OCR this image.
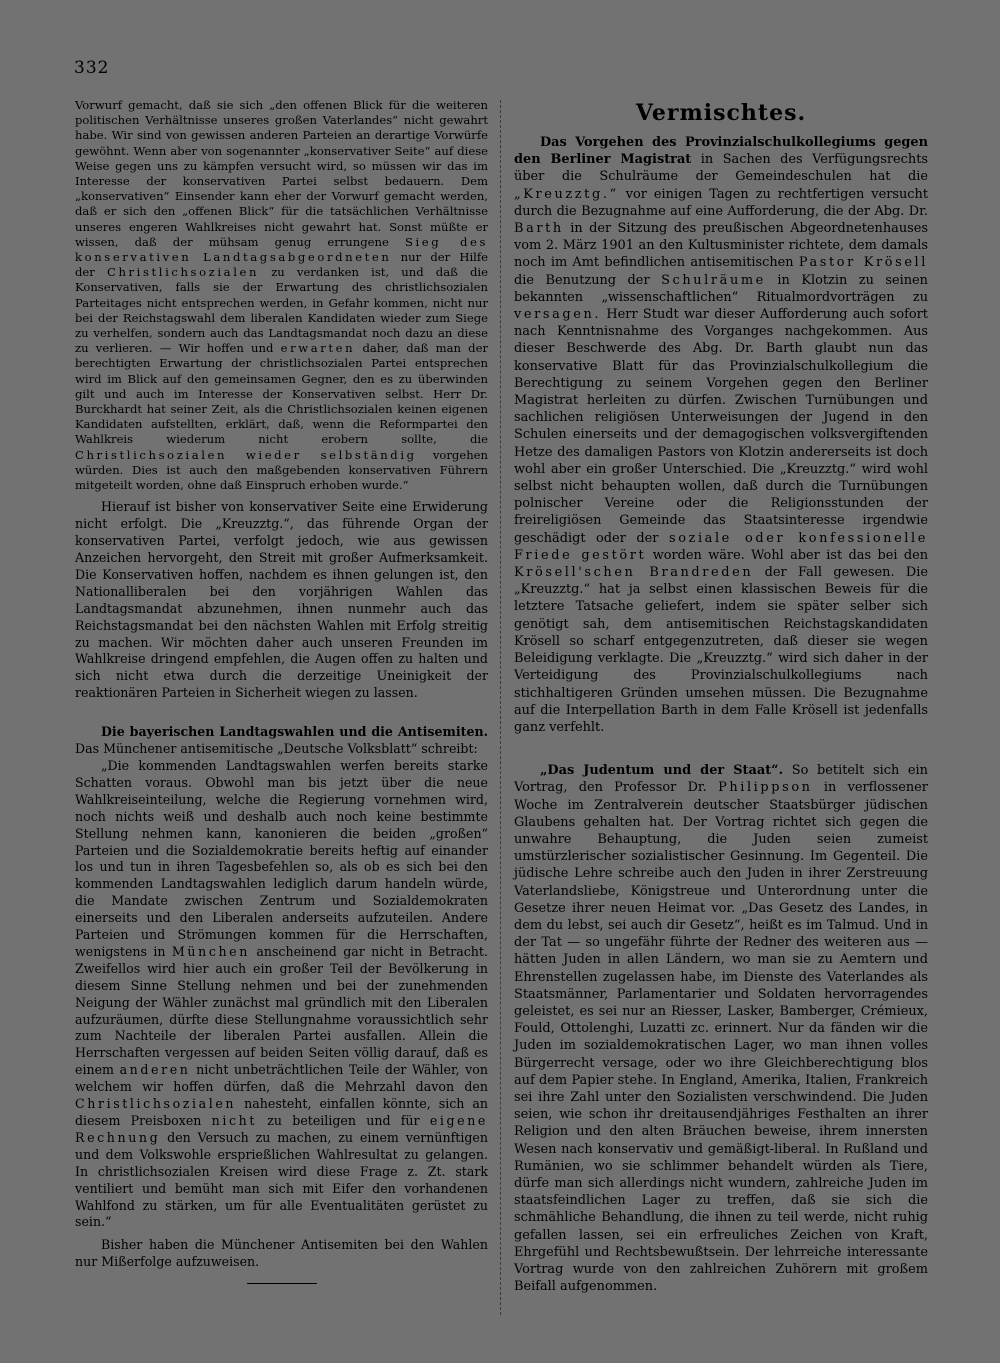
332

Vorwurf gemacht, daß sie sich „den offenen Blick für die weiteren politischen Verhältnisse unseres großen Vaterlandes“ nicht gewahrt habe. Wir sind von gewissen anderen Parteien an derartige Vorwürfe gewöhnt. Wenn aber von sogenannter „konservativer Seite“ auf diese Weise gegen uns zu kämpfen versucht wird, so müssen wir das im Interesse der konservativen Partei selbst bedauern. Dem „konservativen“ Einsender kann eher der Vorwurf gemacht werden, daß er sich den „offenen Blick“ für die tatsächlichen Verhältnisse unseres engeren Wahlkreises nicht gewahrt hat. Sonst müßte er wissen, daß der mühsam genug errungene Sieg des konservativen Landtagsabgeordneten nur der Hilfe der Christlichsozialen zu verdanken ist, und daß die Konservativen, falls sie der Erwartung des christlichsozialen Parteitages nicht entsprechen werden, in Gefahr kommen, nicht nur bei der Reichstagswahl dem liberalen Kandidaten wieder zum Siege zu verhelfen, sondern auch das Landtagsmandat noch dazu an diese zu verlieren. — Wir hoffen und erwarten daher, daß man der berechtigten Erwartung der christlichsozialen Partei entsprechen wird im Blick auf den gemeinsamen Gegner, den es zu überwinden gilt und auch im Interesse der Konservativen selbst. Herr Dr. Burckhardt hat seiner Zeit, als die Christlichsozialen keinen eigenen Kandidaten aufstellten, erklärt, daß, wenn die Reformpartei den Wahlkreis wiederum nicht erobern sollte, die Christlichsozialen wieder selbständig vorgehen würden. Dies ist auch den maßgebenden konservativen Führern mitgeteilt worden, ohne daß Einspruch erhoben wurde.“

Hierauf ist bisher von konservativer Seite eine Erwiderung nicht erfolgt. Die „Kreuzztg.“, das führende Organ der konservativen Partei, verfolgt jedoch, wie aus gewissen Anzeichen hervorgeht, den Streit mit großer Aufmerksamkeit. Die Konservativen hoffen, nachdem es ihnen gelungen ist, den Nationalliberalen bei den vorjährigen Wahlen das Landtagsmandat abzunehmen, ihnen nunmehr auch das Reichstagsmandat bei den nächsten Wahlen mit Erfolg streitig zu machen. Wir möchten daher auch unseren Freunden im Wahlkreise dringend empfehlen, die Augen offen zu halten und sich nicht etwa durch die derzeitige Uneinigkeit der reaktionären Parteien in Sicherheit wiegen zu lassen.

Die bayerischen Landtagswahlen und die Antisemiten. Das Münchener antisemitische „Deutsche Volksblatt“ schreibt:

„Die kommenden Landtagswahlen werfen bereits starke Schatten voraus. Obwohl man bis jetzt über die neue Wahlkreiseinteilung, welche die Regierung vornehmen wird, noch nichts weiß und deshalb auch noch keine bestimmte Stellung nehmen kann, kanonieren die beiden „großen“ Parteien und die Sozialdemokratie bereits heftig auf einander los und tun in ihren Tagesbefehlen so, als ob es sich bei den kommenden Landtagswahlen lediglich darum handeln würde, die Mandate zwischen Zentrum und Sozialdemokraten einerseits und den Liberalen anderseits aufzuteilen. Andere Parteien und Strömungen kommen für die Herrschaften, wenigstens in München anscheinend gar nicht in Betracht. Zweifellos wird hier auch ein großer Teil der Bevölkerung in diesem Sinne Stellung nehmen und bei der zunehmenden Neigung der Wähler zunächst mal gründlich mit den Liberalen aufzuräumen, dürfte diese Stellungnahme voraussichtlich sehr zum Nachteile der liberalen Partei ausfallen. Allein die Herrschaften vergessen auf beiden Seiten völlig darauf, daß es einem anderen nicht unbeträchtlichen Teile der Wähler, von welchem wir hoffen dürfen, daß die Mehrzahl davon den Christlichsozialen nahesteht, einfallen könnte, sich an diesem Preisboxen nicht zu beteiligen und für eigene Rechnung den Versuch zu machen, zu einem vernünftigen und dem Volkswohle ersprießlichen Wahlresultat zu gelangen. In christlichsozialen Kreisen wird diese Frage z. Zt. stark ventiliert und bemüht man sich mit Eifer den vorhandenen Wahlfond zu stärken, um für alle Eventualitäten gerüstet zu sein.“

Bisher haben die Münchener Antisemiten bei den Wahlen nur Mißerfolge aufzuweisen.

Vermischtes.

Das Vorgehen des Provinzialschulkollegiums gegen den Berliner Magistrat in Sachen des Verfügungsrechts über die Schulräume der Gemeindeschulen hat die „Kreuzztg.“ vor einigen Tagen zu rechtfertigen versucht durch die Bezugnahme auf eine Aufforderung, die der Abg. Dr. Barth in der Sitzung des preußischen Abgeordnetenhauses vom 2. März 1901 an den Kultusminister richtete, dem damals noch im Amt befindlichen antisemitischen Pastor Krösell die Benutzung der Schulräume in Klotzin zu seinen bekannten „wissenschaftlichen“ Ritualmordvorträgen zu versagen. Herr Studt war dieser Aufforderung auch sofort nach Kenntnisnahme des Vorganges nachgekommen. Aus dieser Beschwerde des Abg. Dr. Barth glaubt nun das konservative Blatt für das Provinzialschulkollegium die Berechtigung zu seinem Vorgehen gegen den Berliner Magistrat herleiten zu dürfen. Zwischen Turnübungen und sachlichen religiösen Unterweisungen der Jugend in den Schulen einerseits und der demagogischen volksvergiftenden Hetze des damaligen Pastors von Klotzin andererseits ist doch wohl aber ein großer Unterschied. Die „Kreuzztg.“ wird wohl selbst nicht behaupten wollen, daß durch die Turnübungen polnischer Vereine oder die Religionsstunden der freireligiösen Gemeinde das Staatsinteresse irgendwie geschädigt oder der soziale oder konfessionelle Friede gestört worden wäre. Wohl aber ist das bei den Krösell'schen Brandreden der Fall gewesen. Die „Kreuzztg.“ hat ja selbst einen klassischen Beweis für die letztere Tatsache geliefert, indem sie später selber sich genötigt sah, dem antisemitischen Reichstagskandidaten Krösell so scharf entgegenzutreten, daß dieser sie wegen Beleidigung verklagte. Die „Kreuzztg.“ wird sich daher in der Verteidigung des Provinzialschulkollegiums nach stichhaltigeren Gründen umsehen müssen. Die Bezugnahme auf die Interpellation Barth in dem Falle Krösell ist jedenfalls ganz verfehlt.

„Das Judentum und der Staat“. So betitelt sich ein Vortrag, den Professor Dr. Philippson in verflossener Woche im Zentralverein deutscher Staatsbürger jüdischen Glaubens gehalten hat. Der Vortrag richtet sich gegen die unwahre Behauptung, die Juden seien zumeist umstürzlerischer sozialistischer Gesinnung. Im Gegenteil. Die jüdische Lehre schreibe auch den Juden in ihrer Zerstreuung Vaterlandsliebe, Königstreue und Unterordnung unter die Gesetze ihrer neuen Heimat vor. „Das Gesetz des Landes, in dem du lebst, sei auch dir Gesetz“, heißt es im Talmud. Und in der Tat — so ungefähr führte der Redner des weiteren aus — hätten Juden in allen Ländern, wo man sie zu Aemtern und Ehrenstellen zugelassen habe, im Dienste des Vaterlandes als Staatsmänner, Parlamentarier und Soldaten hervorragendes geleistet, es sei nur an Riesser, Lasker, Bamberger, Crémieux, Fould, Ottolenghi, Luzatti zc. erinnert. Nur da fänden wir die Juden im sozialdemokratischen Lager, wo man ihnen volles Bürgerrecht versage, oder wo ihre Gleichberechtigung blos auf dem Papier stehe. In England, Amerika, Italien, Frankreich sei ihre Zahl unter den Sozialisten verschwindend. Die Juden seien, wie schon ihr dreitausendjähriges Festhalten an ihrer Religion und den alten Bräuchen beweise, ihrem innersten Wesen nach konservativ und gemäßigt-liberal. In Rußland und Rumänien, wo sie schlimmer behandelt würden als Tiere, dürfe man sich allerdings nicht wundern, zahlreiche Juden im staatsfeindlichen Lager zu treffen, daß sie sich die schmähliche Behandlung, die ihnen zu teil werde, nicht ruhig gefallen lassen, sei ein erfreuliches Zeichen von Kraft, Ehrgefühl und Rechtsbewußtsein. Der lehrreiche interessante Vortrag wurde von den zahlreichen Zuhörern mit großem Beifall aufgenommen.
